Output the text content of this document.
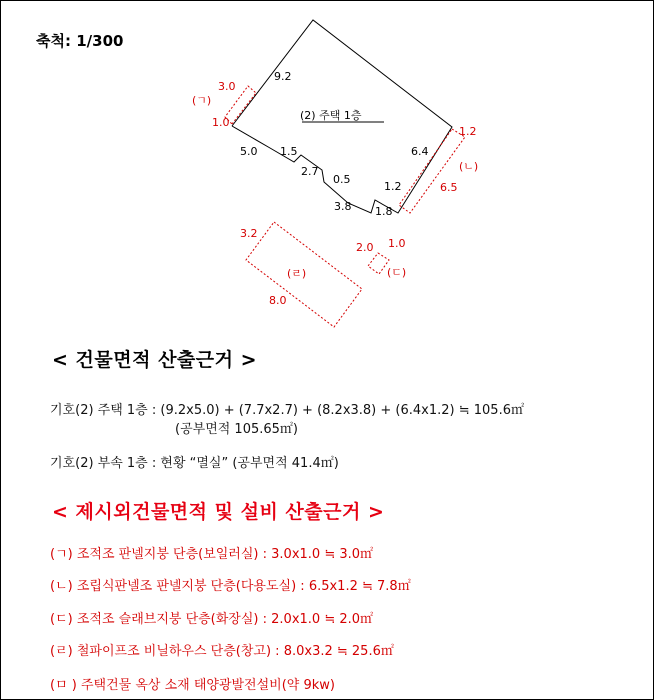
축척: 1/300
(2) 주택 1층
9.2
5.0 1.5
2.7
0.5
3.8 1.8
1.2
6.4
3.0
(ㄱ)
1.0
1.2
(ㄴ)
6.5
3.2
(ㄹ)
8.0
2.0 1.0
(ㄷ)
< 건물면적 산출근거 >
기호(2) 주택 1층 : (9.2x5.0) + (7.7x2.7) + (8.2x3.8) + (6.4x1.2) ≒ 105.6㎡
(공부면적 105.65㎡)
기호(2) 부속 1층 : 현황 “멸실” (공부면적 41.4㎡)
< 제시외건물면적 및 설비 산출근거 >
(ㄱ) 조적조 판넬지붕 단층(보일러실) : 3.0x1.0 ≒ 3.0㎡
(ㄴ) 조립식판넬조 판넬지붕 단층(다용도실) : 6.5x1.2 ≒ 7.8㎡
(ㄷ) 조적조 슬래브지붕 단층(화장실) : 2.0x1.0 ≒ 2.0㎡
(ㄹ) 철파이프조 비닐하우스 단층(창고) : 8.0x3.2 ≒ 25.6㎡
(ㅁ ) 주택건물 옥상 소재 태양광발전설비(약 9kw)
